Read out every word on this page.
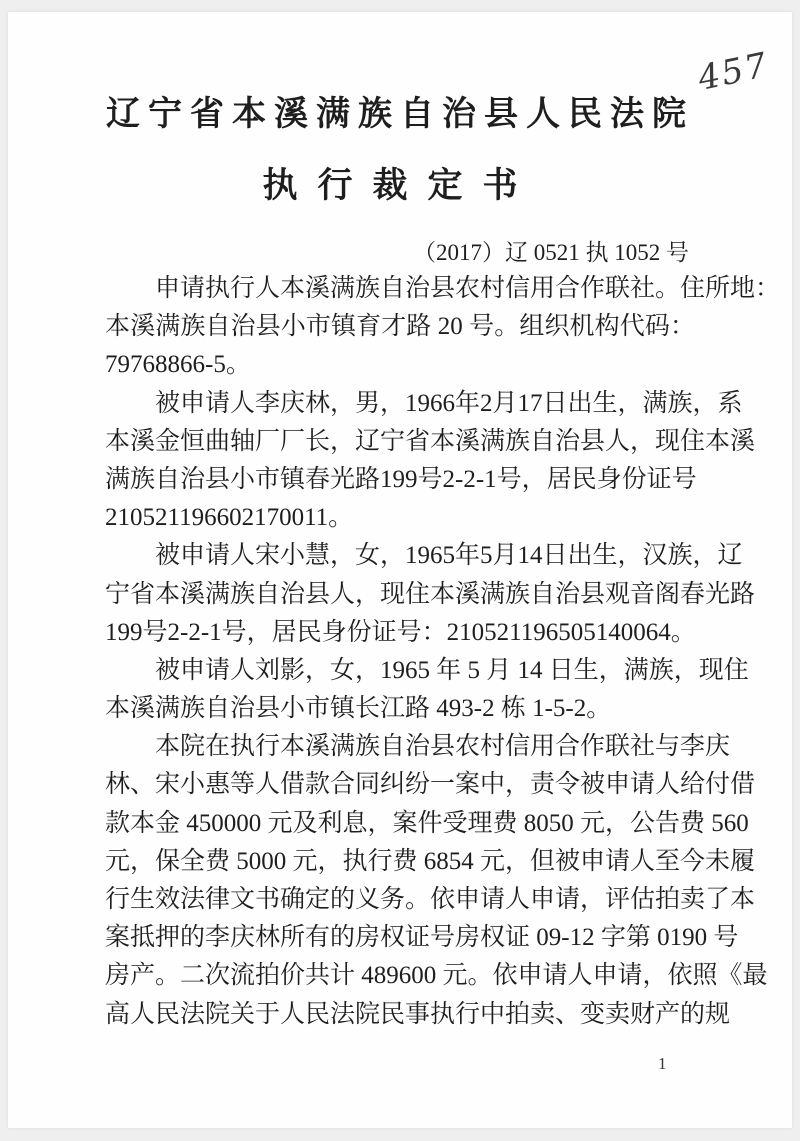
457
辽宁省本溪满族自治县人民法院
执行裁定书
（2017）辽 0521 执 1052 号
申请执行人本溪满族自治县农村信用合作联社。住所地：
本溪满族自治县小市镇育才路 20 号。组织机构代码：
79768866-5。
被申请人李庆林，男，1966年2月17日出生，满族，系
本溪金恒曲轴厂厂长，辽宁省本溪满族自治县人，现住本溪
满族自治县小市镇春光路199号2-2-1号，居民身份证号
210521196602170011。
被申请人宋小慧，女，1965年5月14日出生，汉族，辽
宁省本溪满族自治县人，现住本溪满族自治县观音阁春光路
199号2-2-1号，居民身份证号：210521196505140064。
被申请人刘影，女，1965 年 5 月 14 日生，满族，现住
本溪满族自治县小市镇长江路 493-2 栋 1-5-2。
本院在执行本溪满族自治县农村信用合作联社与李庆
林、宋小惠等人借款合同纠纷一案中，责令被申请人给付借
款本金 450000 元及利息，案件受理费 8050 元，公告费 560
元，保全费 5000 元，执行费 6854 元，但被申请人至今未履
行生效法律文书确定的义务。依申请人申请，评估拍卖了本
案抵押的李庆林所有的房权证号房权证 09-12 字第 0190 号
房产。二次流拍价共计 489600 元。依申请人申请，依照《最
高人民法院关于人民法院民事执行中拍卖、变卖财产的规
1
